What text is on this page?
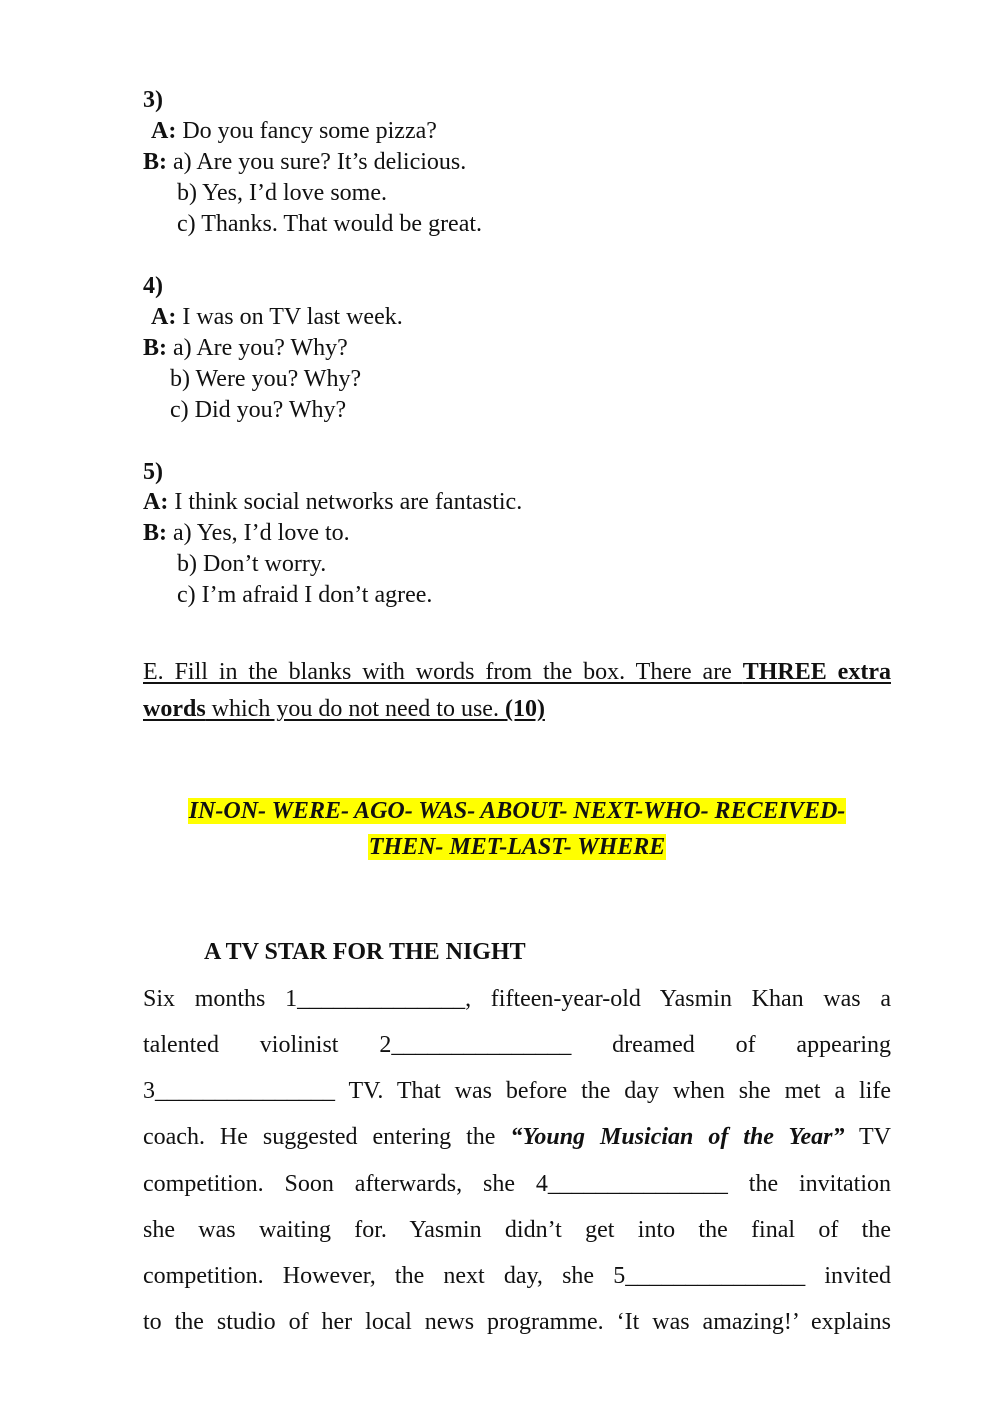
3)
A: Do you fancy some pizza?
B: a) Are you sure? It’s delicious.
b) Yes, I’d love some.
c) Thanks. That would be great.
4)
A: I was on TV last week.
B: a) Are you? Why?
b) Were you? Why?
c) Did you? Why?
5)
A: I think social networks are fantastic.
B: a) Yes, I’d love to.
b) Don’t worry.
c) I’m afraid I don’t agree.
E. Fill in the blanks with words from the box. There are THREE extra
words which you do not need to use. (10)
IN-ON- WERE- AGO- WAS- ABOUT- NEXT-WHO- RECEIVED-
THEN- MET-LAST- WHERE
A TV STAR FOR THE NIGHT
Six months 1______________, fifteen-year-old Yasmin Khan was a
talented violinist 2_______________ dreamed of appearing
3_______________ TV. That was before the day when she met a life
coach. He suggested entering the “Young Musician of the Year” TV
competition. Soon afterwards, she 4_______________ the invitation
she was waiting for. Yasmin didn’t get into the final of the
competition. However, the next day, she 5_______________ invited
to the studio of her local news programme. ‘It was amazing!’ explains
